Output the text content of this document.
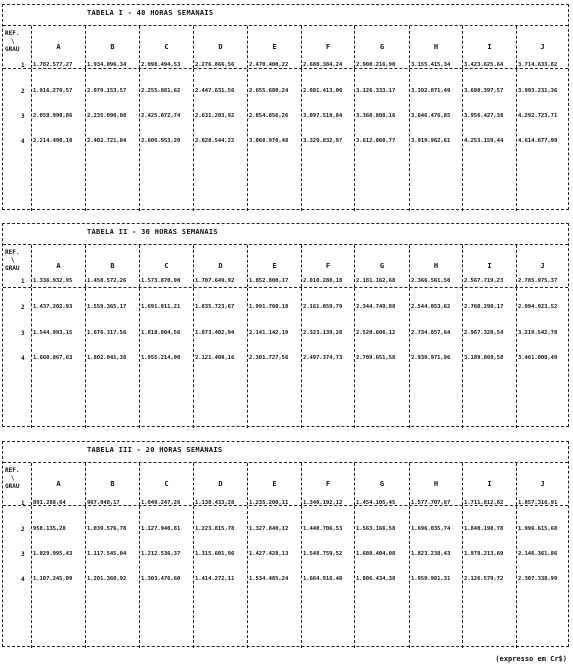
TABELA I - 40 HORAS SEMANAIS
REF.
\
GRAU	A	B	C	D	E	F	G	H	I	J
1 1.782.577,27	1.934.096,34	2.098.494,53	2.276.866,56	2.470.400,22	2.680.384,24 2.908.216,90	3.155.415,34 3.423.625,64	3.714.633,82
2 1.916.270,57	2.079.153,57	2.255.881,62	2.447.631,56	2.655.680,24	2.881.413,06 3.126.333,17	3.392.071,49 3.680.397,57	3.993.231,36
3 2.059.990,86	2.235.090,08	2.425.072,74	2.631.203,92	2.854.856,26	3.097.519,84 3.360.808,16	3.646.476,85 3.956.427,38	4.292.723,71
4 2.214.490,18	2.402.721,84	2.606.953,20	2.828.544,22	3.068.970,48	3.329.832,97 3.612.868,77	3.919.962,61 4.253.159,44	4.614.677,99
TABELA II - 30 HORAS SEMANAIS
REF.
\
GRAU	A	B	C	D	E	F	G	H	I	J
1 1.336.932,95	1.450.572,26	1.573.870,90	1.707.649,92	1.852.800,17	2.010.288,18 2.181.162,68	2.366.561,50 2.567.719,23	2.785.975,37
2 1.437.202,93	1.559.365,17	1.691.911,21	1.835.723,67	1.991.760,18	2.161.059,79 2.344.749,88	2.544.053,62 2.760.298,17	2.994.923,52
3 1.544.993,15	1.676.317,56	1.818.804,56	1.973.402,94	2.141.142,19	2.323.139,28 2.520.606,12	2.734.857,64 2.967.320,54	3.219.542,78
4 1.660.867,63	1.802.041,38	1.955.214,90	2.121.408,16	2.301.727,56	2.497.374,73 2.709.651,58	2.939.971,96 3.189.869,58	3.461.008,49
TABELA III - 20 HORAS SEMANAIS
REF.
\
GRAU	A	B	C	D	E	F	G	H	I	J
1 891.288,64	967.048,17	1.049.247,26	1.138.433,28	1.235.200,11	1.340.192,12 1.454.105,45	1.577.707,67 1.711.812,82	1.857.316,91
2 958.135,28	1.039.576,78	1.127.940,81	1.223.815,78	1.327.840,12	1.440.706,53 1.563.166,58	1.696.035,74 1.840.198,78	1.996.615,68
3 1.029.995,43	1.117.545,04	1.212.536,37	1.315.601,96	1.427.428,13	1.548.759,52 1.680.404,08	1.823.238,43 1.978.213,69	2.146.361,86
4 1.107.245,09	1.201.360,92	1.303.476,60	1.414.272,11	1.534.485,24	1.664.916,48 1.806.434,38	1.959.981,31 2.126.579,72	2.307.338,99
(expresso em Cr$)
